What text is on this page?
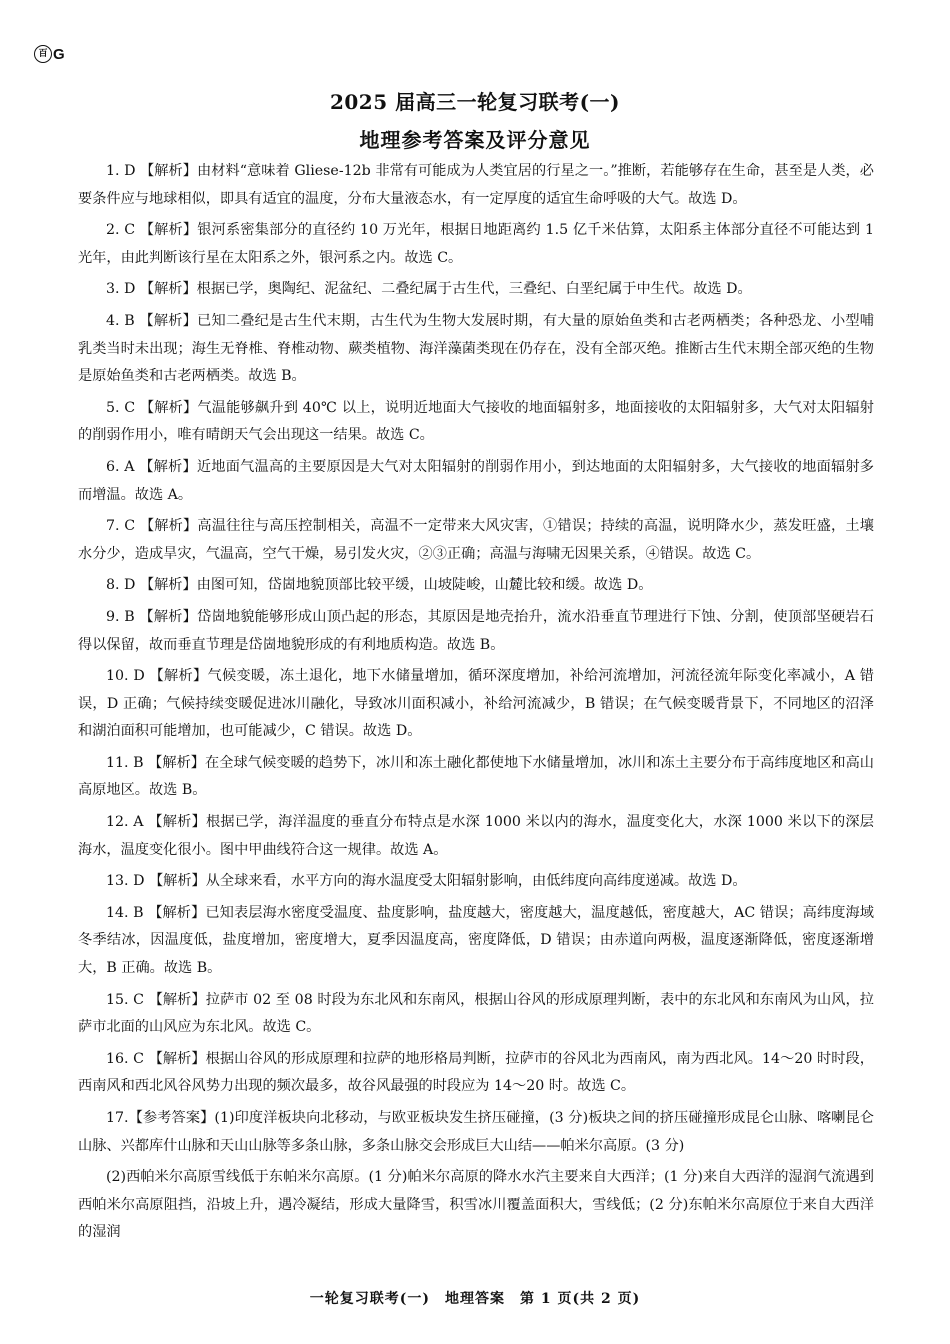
百 G
2025 届高三一轮复习联考(一)
地理参考答案及评分意见
1. D 【解析】由材料“意味着 Gliese-12b 非常有可能成为人类宜居的行星之一。”推断，若能够存在生命，甚至是人类，必要条件应与地球相似，即具有适宜的温度，分布大量液态水，有一定厚度的适宜生命呼吸的大气。故选 D。
2. C 【解析】银河系密集部分的直径约 10 万光年，根据日地距离约 1.5 亿千米估算，太阳系主体部分直径不可能达到 1 光年，由此判断该行星在太阳系之外，银河系之内。故选 C。
3. D 【解析】根据已学，奥陶纪、泥盆纪、二叠纪属于古生代，三叠纪、白垩纪属于中生代。故选 D。
4. B 【解析】已知二叠纪是古生代末期，古生代为生物大发展时期，有大量的原始鱼类和古老两栖类；各种恐龙、小型哺乳类当时未出现；海生无脊椎、脊椎动物、蕨类植物、海洋藻菌类现在仍存在，没有全部灭绝。推断古生代末期全部灭绝的生物是原始鱼类和古老两栖类。故选 B。
5. C 【解析】气温能够飙升到 40℃ 以上，说明近地面大气接收的地面辐射多，地面接收的太阳辐射多，大气对太阳辐射的削弱作用小，唯有晴朗天气会出现这一结果。故选 C。
6. A 【解析】近地面气温高的主要原因是大气对太阳辐射的削弱作用小，到达地面的太阳辐射多，大气接收的地面辐射多而增温。故选 A。
7. C 【解析】高温往往与高压控制相关，高温不一定带来大风灾害，①错误；持续的高温，说明降水少，蒸发旺盛，土壤水分少，造成旱灾，气温高，空气干燥，易引发火灾，②③正确；高温与海啸无因果关系，④错误。故选 C。
8. D 【解析】由图可知，岱崮地貌顶部比较平缓，山坡陡峻，山麓比较和缓。故选 D。
9. B 【解析】岱崮地貌能够形成山顶凸起的形态，其原因是地壳抬升，流水沿垂直节理进行下蚀、分割，使顶部坚硬岩石得以保留，故而垂直节理是岱崮地貌形成的有利地质构造。故选 B。
10. D 【解析】气候变暖，冻土退化，地下水储量增加，循环深度增加，补给河流增加，河流径流年际变化率减小，A 错误，D 正确；气候持续变暖促进冰川融化，导致冰川面积减小，补给河流减少，B 错误；在气候变暖背景下，不同地区的沼泽和湖泊面积可能增加，也可能减少，C 错误。故选 D。
11. B 【解析】在全球气候变暖的趋势下，冰川和冻土融化都使地下水储量增加，冰川和冻土主要分布于高纬度地区和高山高原地区。故选 B。
12. A 【解析】根据已学，海洋温度的垂直分布特点是水深 1000 米以内的海水，温度变化大，水深 1000 米以下的深层海水，温度变化很小。图中甲曲线符合这一规律。故选 A。
13. D 【解析】从全球来看，水平方向的海水温度受太阳辐射影响，由低纬度向高纬度递减。故选 D。
14. B 【解析】已知表层海水密度受温度、盐度影响，盐度越大，密度越大，温度越低，密度越大，AC 错误；高纬度海域冬季结冰，因温度低，盐度增加，密度增大，夏季因温度高，密度降低，D 错误；由赤道向两极，温度逐渐降低，密度逐渐增大，B 正确。故选 B。
15. C 【解析】拉萨市 02 至 08 时段为东北风和东南风，根据山谷风的形成原理判断，表中的东北风和东南风为山风，拉萨市北面的山风应为东北风。故选 C。
16. C 【解析】根据山谷风的形成原理和拉萨的地形格局判断，拉萨市的谷风北为西南风，南为西北风。14～20 时时段，西南风和西北风谷风势力出现的频次最多，故谷风最强的时段应为 14～20 时。故选 C。
17.【参考答案】(1)印度洋板块向北移动，与欧亚板块发生挤压碰撞，(3 分)板块之间的挤压碰撞形成昆仑山脉、喀喇昆仑山脉、兴都库什山脉和天山山脉等多条山脉，多条山脉交会形成巨大山结——帕米尔高原。(3 分)
(2)西帕米尔高原雪线低于东帕米尔高原。(1 分)帕米尔高原的降水水汽主要来自大西洋；(1 分)来自大西洋的湿润气流遇到西帕米尔高原阻挡，沿坡上升，遇冷凝结，形成大量降雪，积雪冰川覆盖面积大，雪线低；(2 分)东帕米尔高原位于来自大西洋的湿润
一轮复习联考(一)　地理答案　第 1 页(共 2 页)
